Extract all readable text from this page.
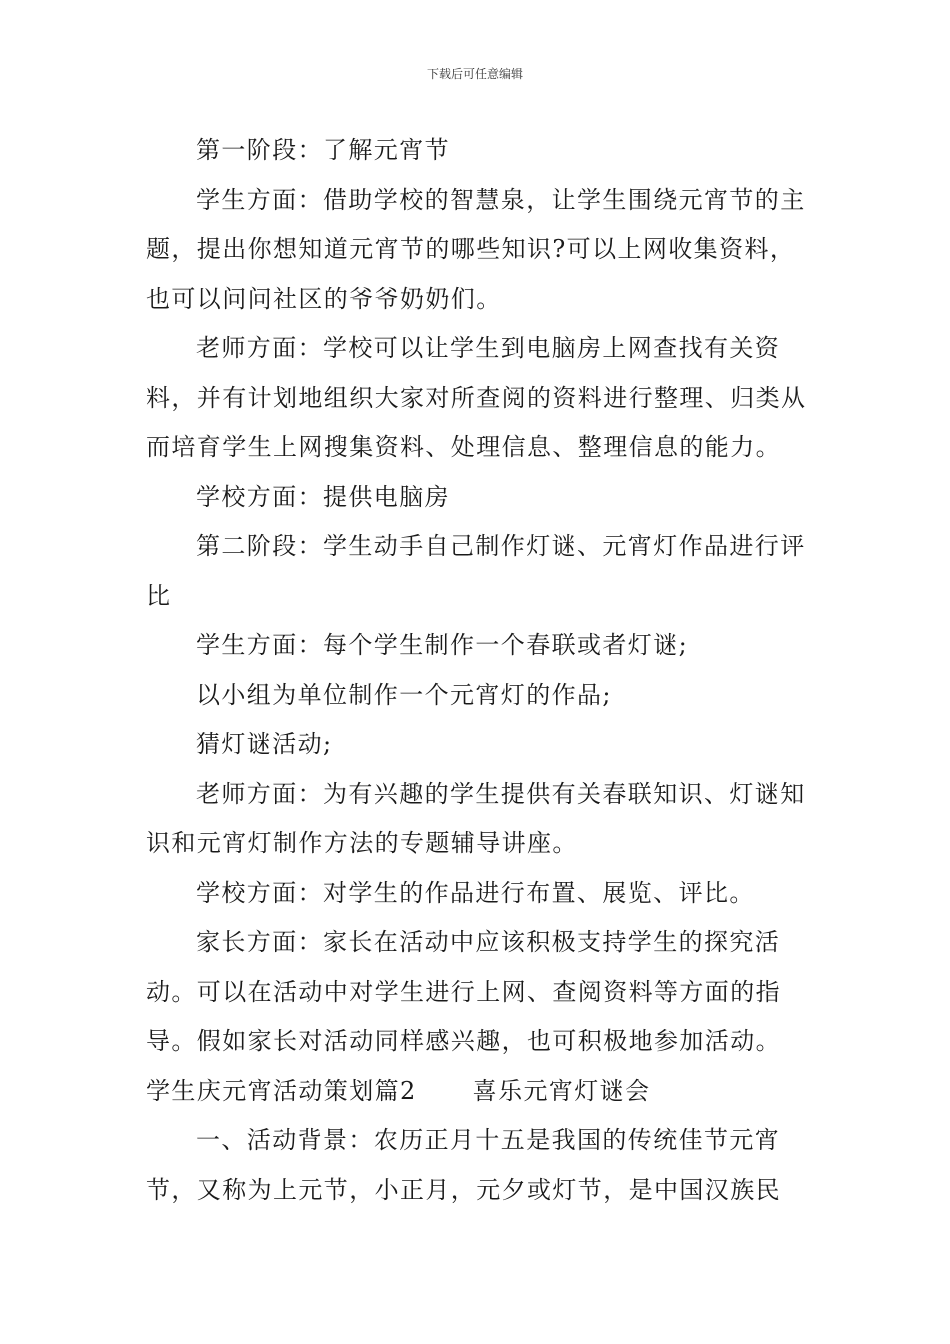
下载后可任意编辑

第一阶段：了解元宵节

学生方面：借助学校的智慧泉，让学生围绕元宵节的主题，提出你想知道元宵节的哪些知识?可以上网收集资料，也可以问问社区的爷爷奶奶们。

老师方面：学校可以让学生到电脑房上网查找有关资料，并有计划地组织大家对所查阅的资料进行整理、归类从而培育学生上网搜集资料、处理信息、整理信息的能力。

学校方面：提供电脑房

第二阶段：学生动手自己制作灯谜、元宵灯作品进行评比

学生方面：每个学生制作一个春联或者灯谜;

以小组为单位制作一个元宵灯的作品;

猜灯谜活动;

老师方面：为有兴趣的学生提供有关春联知识、灯谜知识和元宵灯制作方法的专题辅导讲座。

学校方面：对学生的作品进行布置、展览、评比。

家长方面：家长在活动中应该积极支持学生的探究活动。可以在活动中对学生进行上网、查阅资料等方面的指导。假如家长对活动同样感兴趣，也可积极地参加活动。

学生庆元宵活动策划篇2 喜乐元宵灯谜会

一、活动背景：农历正月十五是我国的传统佳节元宵节，又称为上元节，小正月，元夕或灯节，是中国汉族民
